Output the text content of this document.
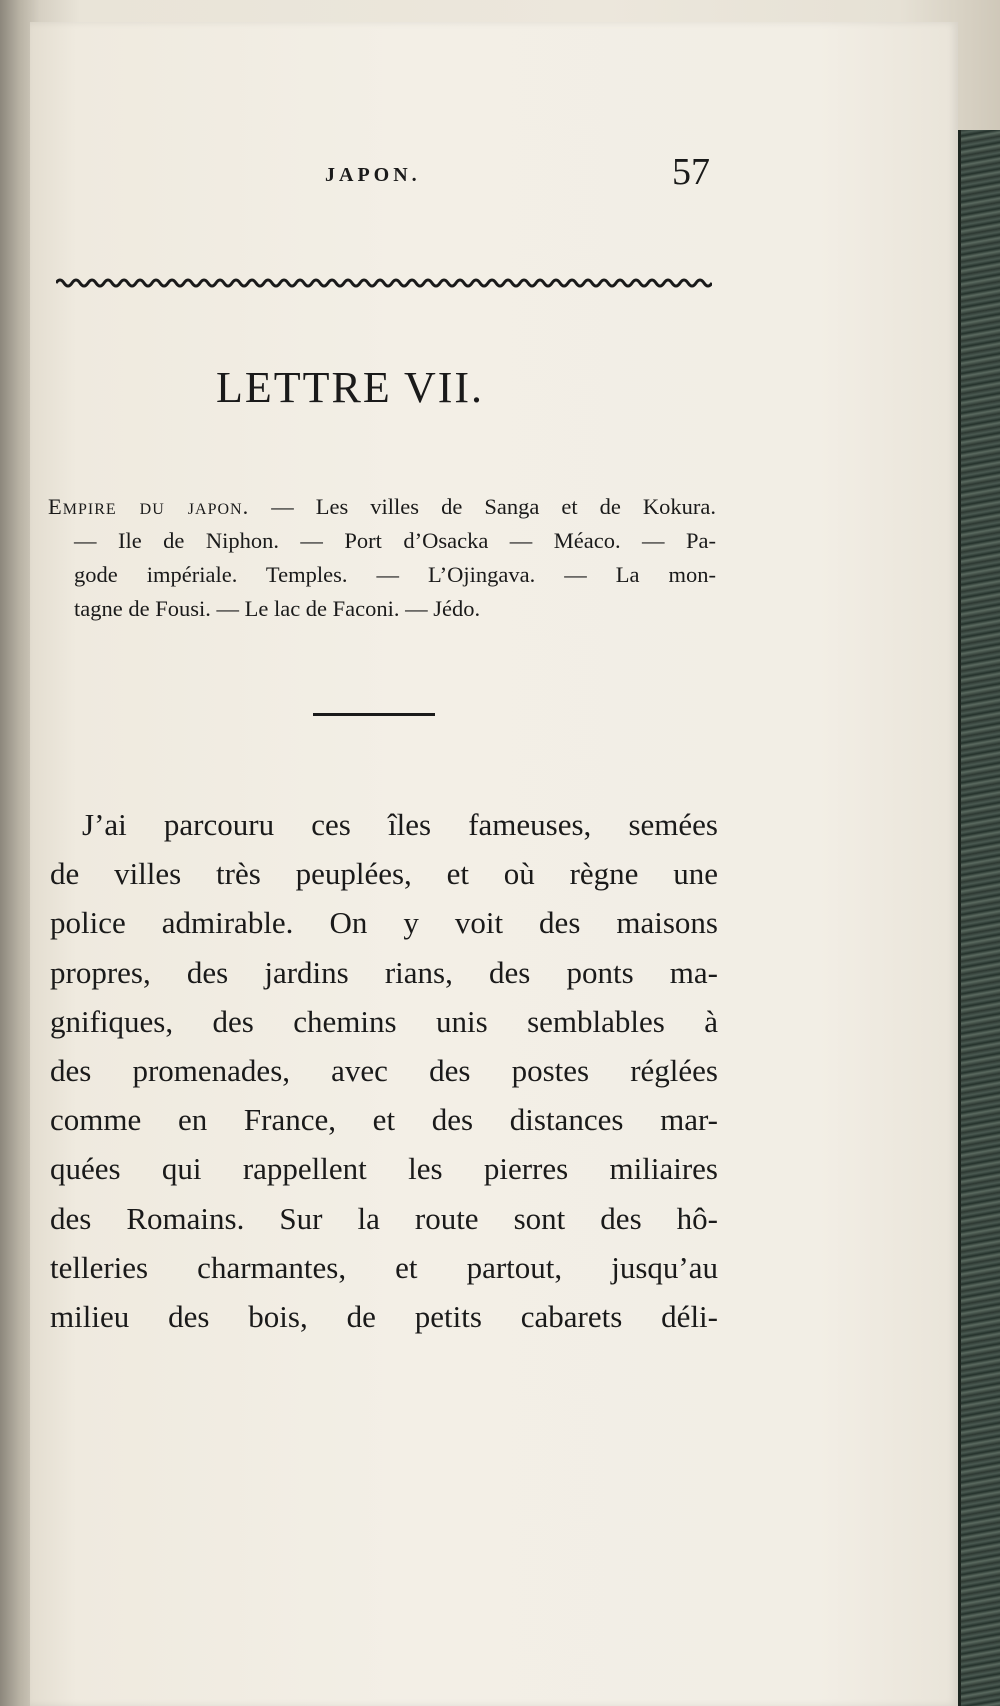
JAPON.	57
LETTRE VII.
Empire du japon. — Les villes de Sanga et de Kokura.
— Ile de Niphon. — Port d’Osacka — Méaco. — Pa-
gode impériale. Temples. — L’Ojingava. — La mon-
tagne de Fousi. — Le lac de Faconi. — Jédo.
J’ai parcouru ces îles fameuses, semées
de villes très peuplées, et où règne une
police admirable. On y voit des maisons
propres, des jardins rians, des ponts ma-
gnifiques, des chemins unis semblables à
des promenades, avec des postes réglées
comme en France, et des distances mar-
quées qui rappellent les pierres miliaires
des Romains. Sur la route sont des hô-
telleries charmantes, et partout, jusqu’au
milieu des bois, de petits cabarets déli-
